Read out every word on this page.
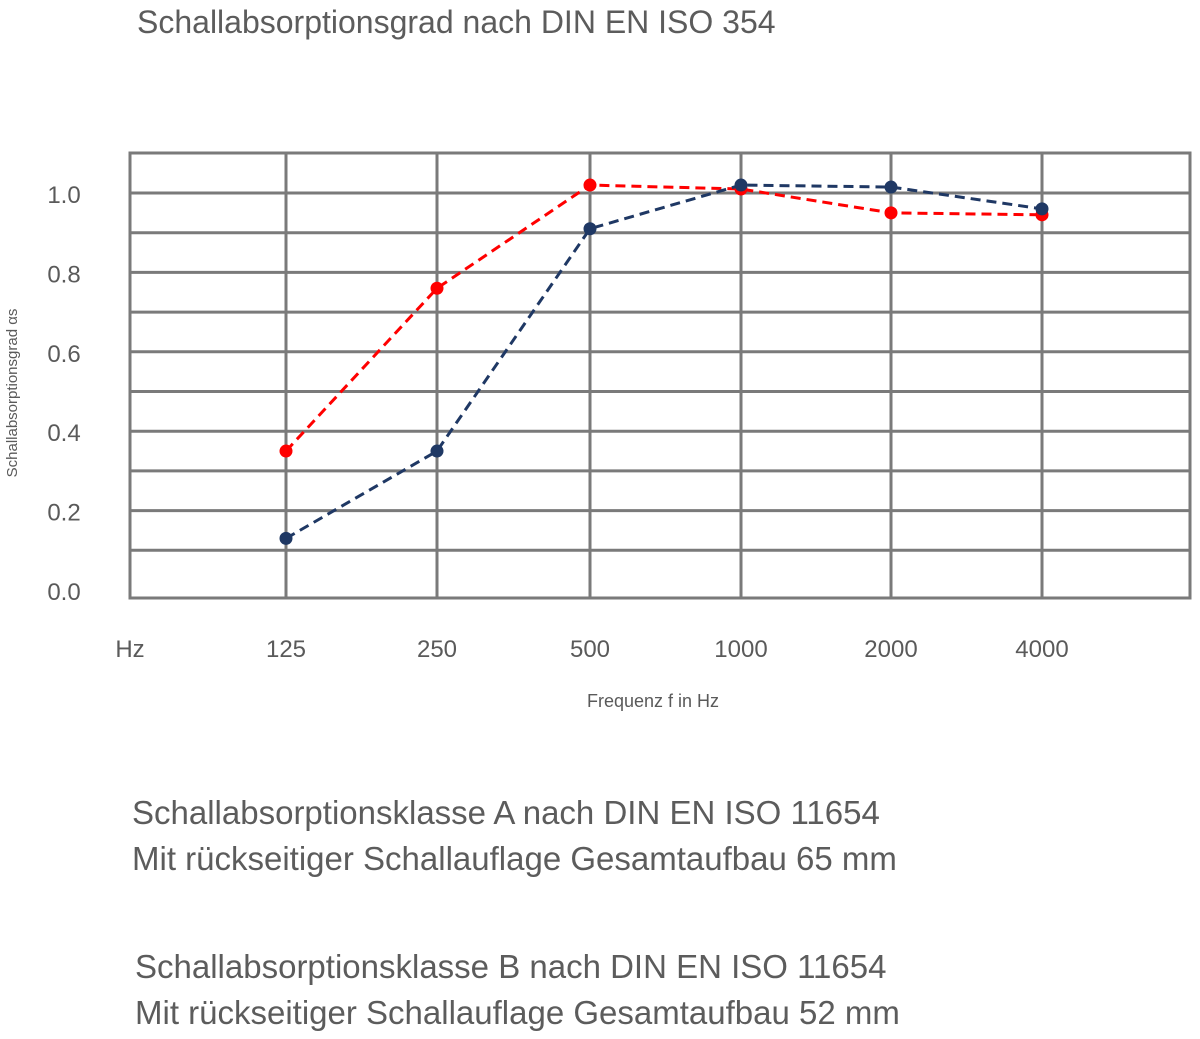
Schallabsorptionsgrad nach DIN EN ISO 354
0.0
0.2
0.4
0.6
0.8
1.0
125	250	500	1000	2000	4000
Hz
Frequenz f in Hz
Schallabsorptionsgrad αs
Schallabsorptionsklasse A nach DIN EN ISO 11654
Mit rückseitiger Schallauflage Gesamtaufbau 65 mm
Schallabsorptionsklasse B nach DIN EN ISO 11654
Mit rückseitiger Schallauflage Gesamtaufbau 52 mm
